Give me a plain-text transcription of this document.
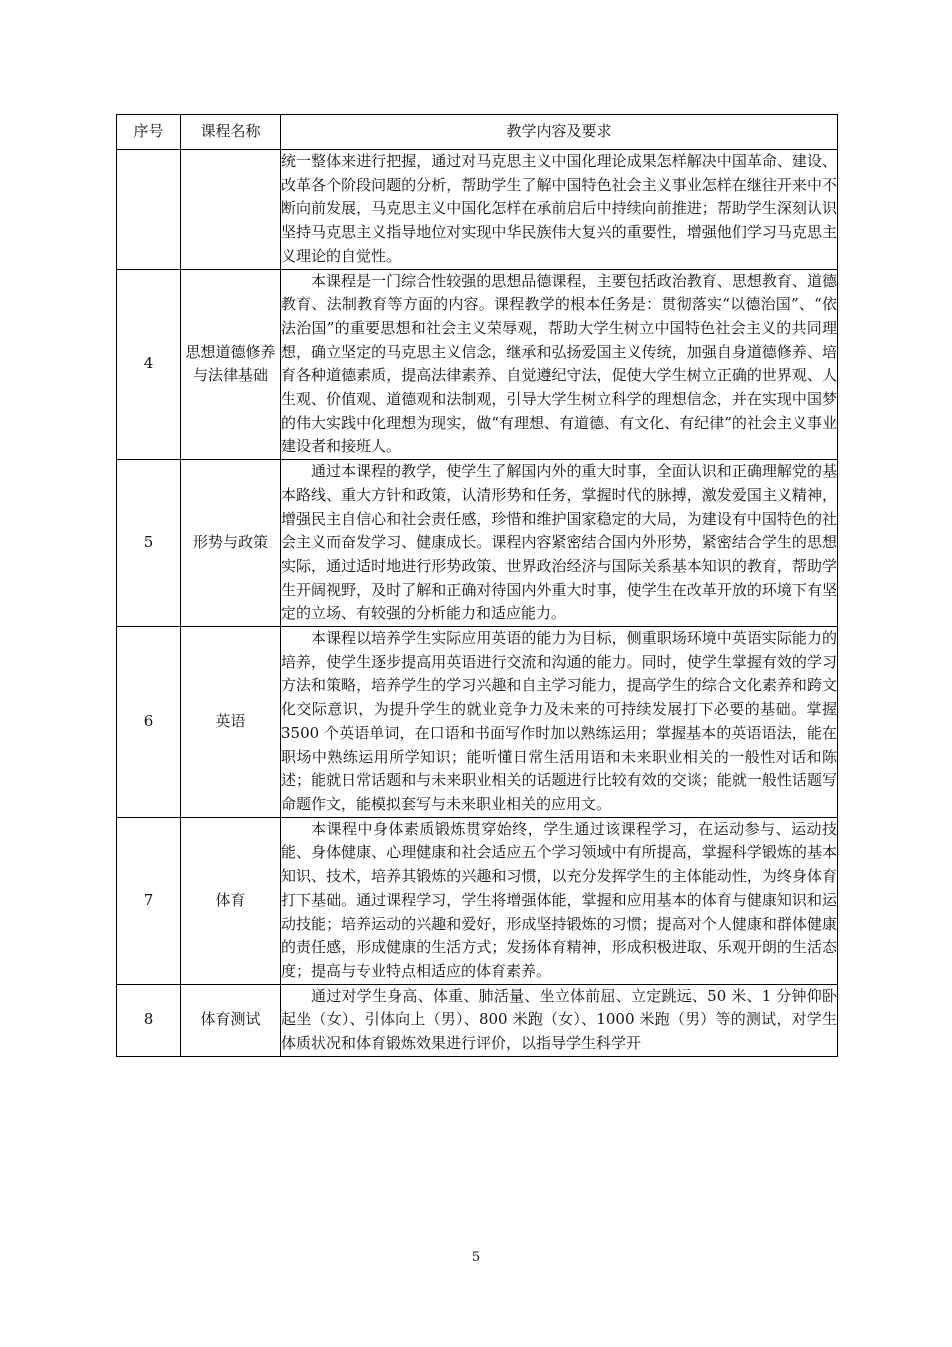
序号	课程名称	教学内容及要求

		统一整体来进行把握，通过对马克思主义中国化理论成果怎样解决中国革命、建设、改革各个阶段问题的分析，帮助学生了解中国特色社会主义事业怎样在继往开来中不断向前发展，马克思主义中国化怎样在承前启后中持续向前推进；帮助学生深刻认识坚持马克思主义指导地位对实现中华民族伟大复兴的重要性，增强他们学习马克思主义理论的自觉性。

4	思想道德修养与法律基础	本课程是一门综合性较强的思想品德课程，主要包括政治教育、思想教育、道德教育、法制教育等方面的内容。课程教学的根本任务是：贯彻落实“以德治国”、“依法治国”的重要思想和社会主义荣辱观，帮助大学生树立中国特色社会主义的共同理想，确立坚定的马克思主义信念，继承和弘扬爱国主义传统，加强自身道德修养、培育各种道德素质，提高法律素养、自觉遵纪守法，促使大学生树立正确的世界观、人生观、价值观、道德观和法制观，引导大学生树立科学的理想信念，并在实现中国梦的伟大实践中化理想为现实，做“有理想、有道德、有文化、有纪律”的社会主义事业建设者和接班人。

5	形势与政策	通过本课程的教学，使学生了解国内外的重大时事，全面认识和正确理解党的基本路线、重大方针和政策，认清形势和任务，掌握时代的脉搏，激发爱国主义精神，增强民主自信心和社会责任感，珍惜和维护国家稳定的大局，为建设有中国特色的社会主义而奋发学习、健康成长。课程内容紧密结合国内外形势，紧密结合学生的思想实际，通过适时地进行形势政策、世界政治经济与国际关系基本知识的教育，帮助学生开阔视野，及时了解和正确对待国内外重大时事，使学生在改革开放的环境下有坚定的立场、有较强的分析能力和适应能力。

6	英语	本课程以培养学生实际应用英语的能力为目标，侧重职场环境中英语实际能力的培养，使学生逐步提高用英语进行交流和沟通的能力。同时，使学生掌握有效的学习方法和策略，培养学生的学习兴趣和自主学习能力，提高学生的综合文化素养和跨文化交际意识，为提升学生的就业竞争力及未来的可持续发展打下必要的基础。掌握 3500 个英语单词，在口语和书面写作时加以熟练运用；掌握基本的英语语法，能在职场中熟练运用所学知识；能听懂日常生活用语和未来职业相关的一般性对话和陈述；能就日常话题和与未来职业相关的话题进行比较有效的交谈；能就一般性话题写命题作文，能模拟套写与未来职业相关的应用文。

7	体育	本课程中身体素质锻炼贯穿始终，学生通过该课程学习，在运动参与、运动技能、身体健康、心理健康和社会适应五个学习领域中有所提高，掌握科学锻炼的基本知识、技术，培养其锻炼的兴趣和习惯，以充分发挥学生的主体能动性，为终身体育打下基础。通过课程学习，学生将增强体能，掌握和应用基本的体育与健康知识和运动技能；培养运动的兴趣和爱好，形成坚持锻炼的习惯；提高对个人健康和群体健康的责任感，形成健康的生活方式；发扬体育精神，形成积极进取、乐观开朗的生活态度；提高与专业特点相适应的体育素养。

8	体育测试	通过对学生身高、体重、肺活量、坐立体前屈、立定跳远、50 米、1 分钟仰卧起坐（女）、引体向上（男）、800 米跑（女）、1000 米跑（男）等的测试，对学生体质状况和体育锻炼效果进行评价，以指导学生科学开

5
